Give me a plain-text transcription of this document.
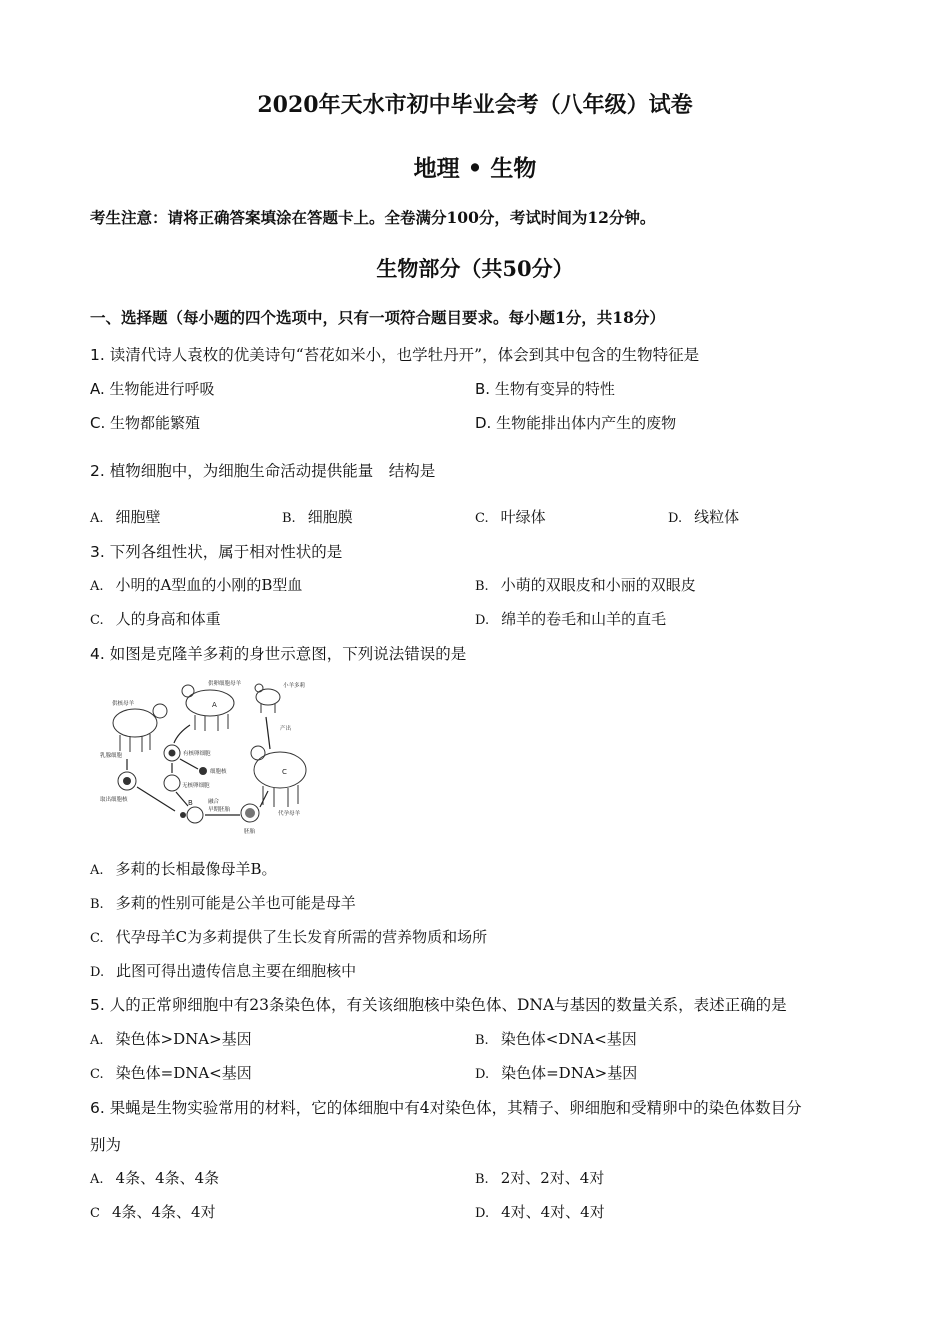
2020年天水市初中毕业会考（八年级）试卷
地理 • 生物
考生注意：请将正确答案填涂在答题卡上。全卷满分100分，考试时间为12分钟。
生物部分（共50分）
一、选择题（每小题的四个选项中，只有一项符合题目要求。每小题1分，共18分）
1. 读清代诗人袁枚的优美诗句“苔花如米小，也学牡丹开”，体会到其中包含的生物特征是
A. 生物能进行呼吸	B. 生物有变异的特性
C. 生物都能繁殖	D. 生物能排出体内产生的废物
2. 植物细胞中，为细胞生命活动提供能量　结构是
A. 细胞壁	B. 细胞膜	C. 叶绿体	D. 线粒体
3. 下列各组性状，属于相对性状的是
A. 小明的A型血的小刚的B型血	B. 小萌的双眼皮和小丽的双眼皮
C. 人的身高和体重	D. 绵羊的卷毛和山羊的直毛
4. 如图是克隆羊多莉的身世示意图，下列说法错误的是
供核母羊
乳腺细胞
取出细胞核
供卵细胞母羊
A
有核卵细胞
细胞核
无核卵细胞
B	融合
早期胚胎
胚胎
代孕母羊
C
小羊多莉
产出
A. 多莉的长相最像母羊B。
B. 多莉的性别可能是公羊也可能是母羊
C. 代孕母羊C为多莉提供了生长发育所需的营养物质和场所
D. 此图可得出遗传信息主要在细胞核中
5. 人的正常卵细胞中有23条染色体，有关该细胞核中染色体、DNA与基因的数量关系，表述正确的是
A. 染色体>DNA>基因	B. 染色体<DNA<基因
C. 染色体=DNA<基因	D. 染色体=DNA>基因
6. 果蝇是生物实验常用的材料，它的体细胞中有4对染色体，其精子、卵细胞和受精卵中的染色体数目分
别为
A. 4条、4条、4条	B. 2对、2对、4对
C 4条、4条、4对	D. 4对、4对、4对
